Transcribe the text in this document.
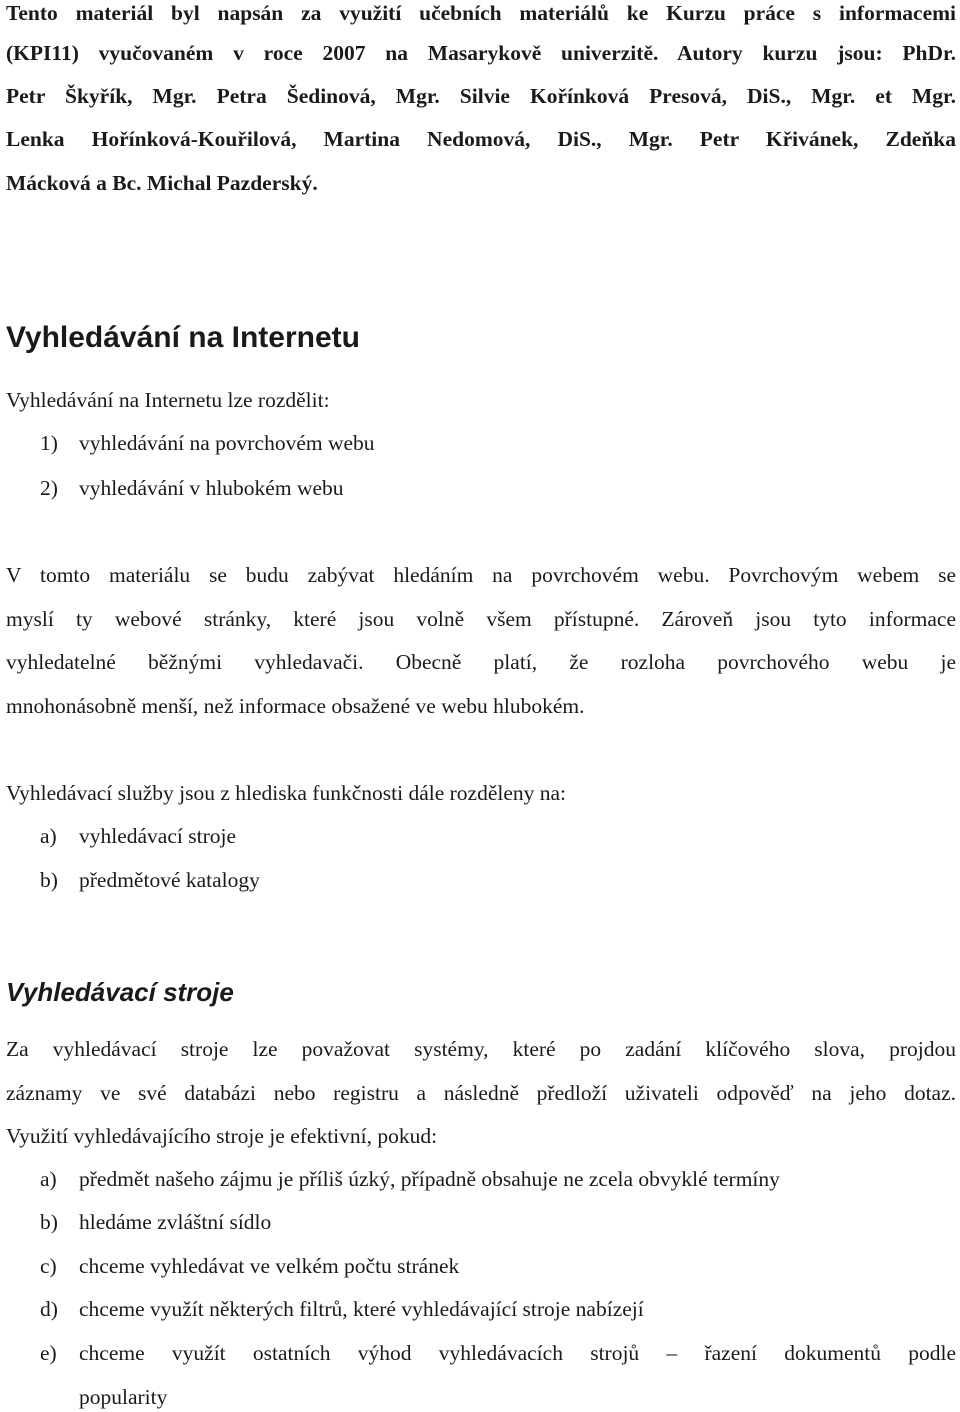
Tento materiál byl napsán za využití učebních materiálů ke Kurzu práce s informacemi
(KPI11) vyučovaném v roce 2007 na Masarykově univerzitě. Autory kurzu jsou: PhDr.
Petr Škyřík, Mgr. Petra Šedinová, Mgr. Silvie Kořínková Presová, DiS., Mgr. et Mgr.
Lenka Hořínková-Kouřilová, Martina Nedomová, DiS., Mgr. Petr Křivánek, Zdeňka
Mácková a Bc. Michal Pazderský.
Vyhledávání na Internetu
Vyhledávání na Internetu lze rozdělit:
1) vyhledávání na povrchovém webu
2) vyhledávání v hlubokém webu
V tomto materiálu se budu zabývat hledáním na povrchovém webu. Povrchovým webem se
myslí ty webové stránky, které jsou volně všem přístupné. Zároveň jsou tyto informace
vyhledatelné běžnými vyhledavači. Obecně platí, že rozloha povrchového webu je
mnohonásobně menší, než informace obsažené ve webu hlubokém.
Vyhledávací služby jsou z hlediska funkčnosti dále rozděleny na:
a) vyhledávací stroje
b) předmětové katalogy
Vyhledávací stroje
Za vyhledávací stroje lze považovat systémy, které po zadání klíčového slova, projdou
záznamy ve své databázi nebo registru a následně předloží uživateli odpověď na jeho dotaz.
Využití vyhledávajícího stroje je efektivní, pokud:
a) předmět našeho zájmu je příliš úzký, případně obsahuje ne zcela obvyklé termíny
b) hledáme zvláštní sídlo
c) chceme vyhledávat ve velkém počtu stránek
d) chceme využít některých filtrů, které vyhledávající stroje nabízejí
e) chceme využít ostatních výhod vyhledávacích strojů – řazení dokumentů podle
popularity
